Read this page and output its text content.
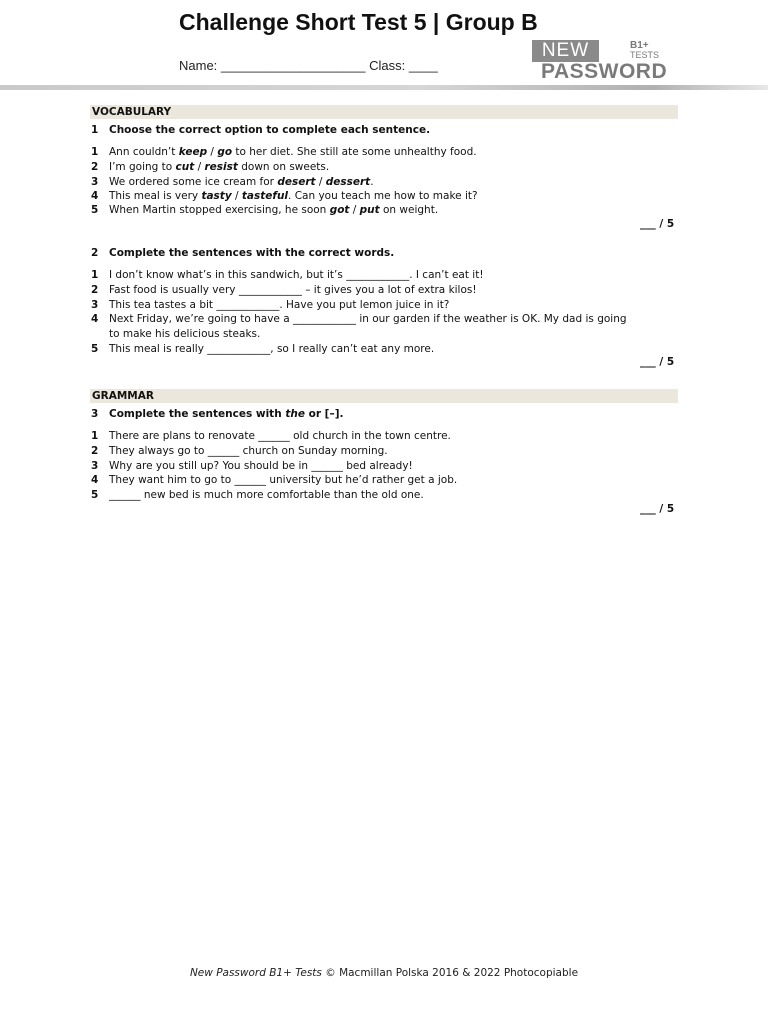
Challenge Short Test 5 | Group B
Name: ____________________ Class: ____
NEW	B1+
TESTS
PASSWORD
VOCABULARY
1 Choose the correct option to complete each sentence.
1 Ann couldn’t keep / go to her diet. She still ate some unhealthy food.
2 I’m going to cut / resist down on sweets.
3 We ordered some ice cream for desert / dessert.
4 This meal is very tasty / tasteful. Can you teach me how to make it?
5 When Martin stopped exercising, he soon got / put on weight.
___ / 5
2 Complete the sentences with the correct words.
1 I don’t know what’s in this sandwich, but it’s ____________. I can’t eat it!
2 Fast food is usually very ____________ – it gives you a lot of extra kilos!
3 This tea tastes a bit ____________. Have you put lemon juice in it?
4 Next Friday, we’re going to have a ____________ in our garden if the weather is OK. My dad is going
to make his delicious steaks.
5 This meal is really ____________, so I really can’t eat any more.
___ / 5
GRAMMAR
3 Complete the sentences with the or [–].
1 There are plans to renovate ______ old church in the town centre.
2 They always go to ______ church on Sunday morning.
3 Why are you still up? You should be in ______ bed already!
4 They want him to go to ______ university but he’d rather get a job.
5 ______ new bed is much more comfortable than the old one.
___ / 5
New Password B1+ Tests © Macmillan Polska 2016 & 2022 Photocopiable
